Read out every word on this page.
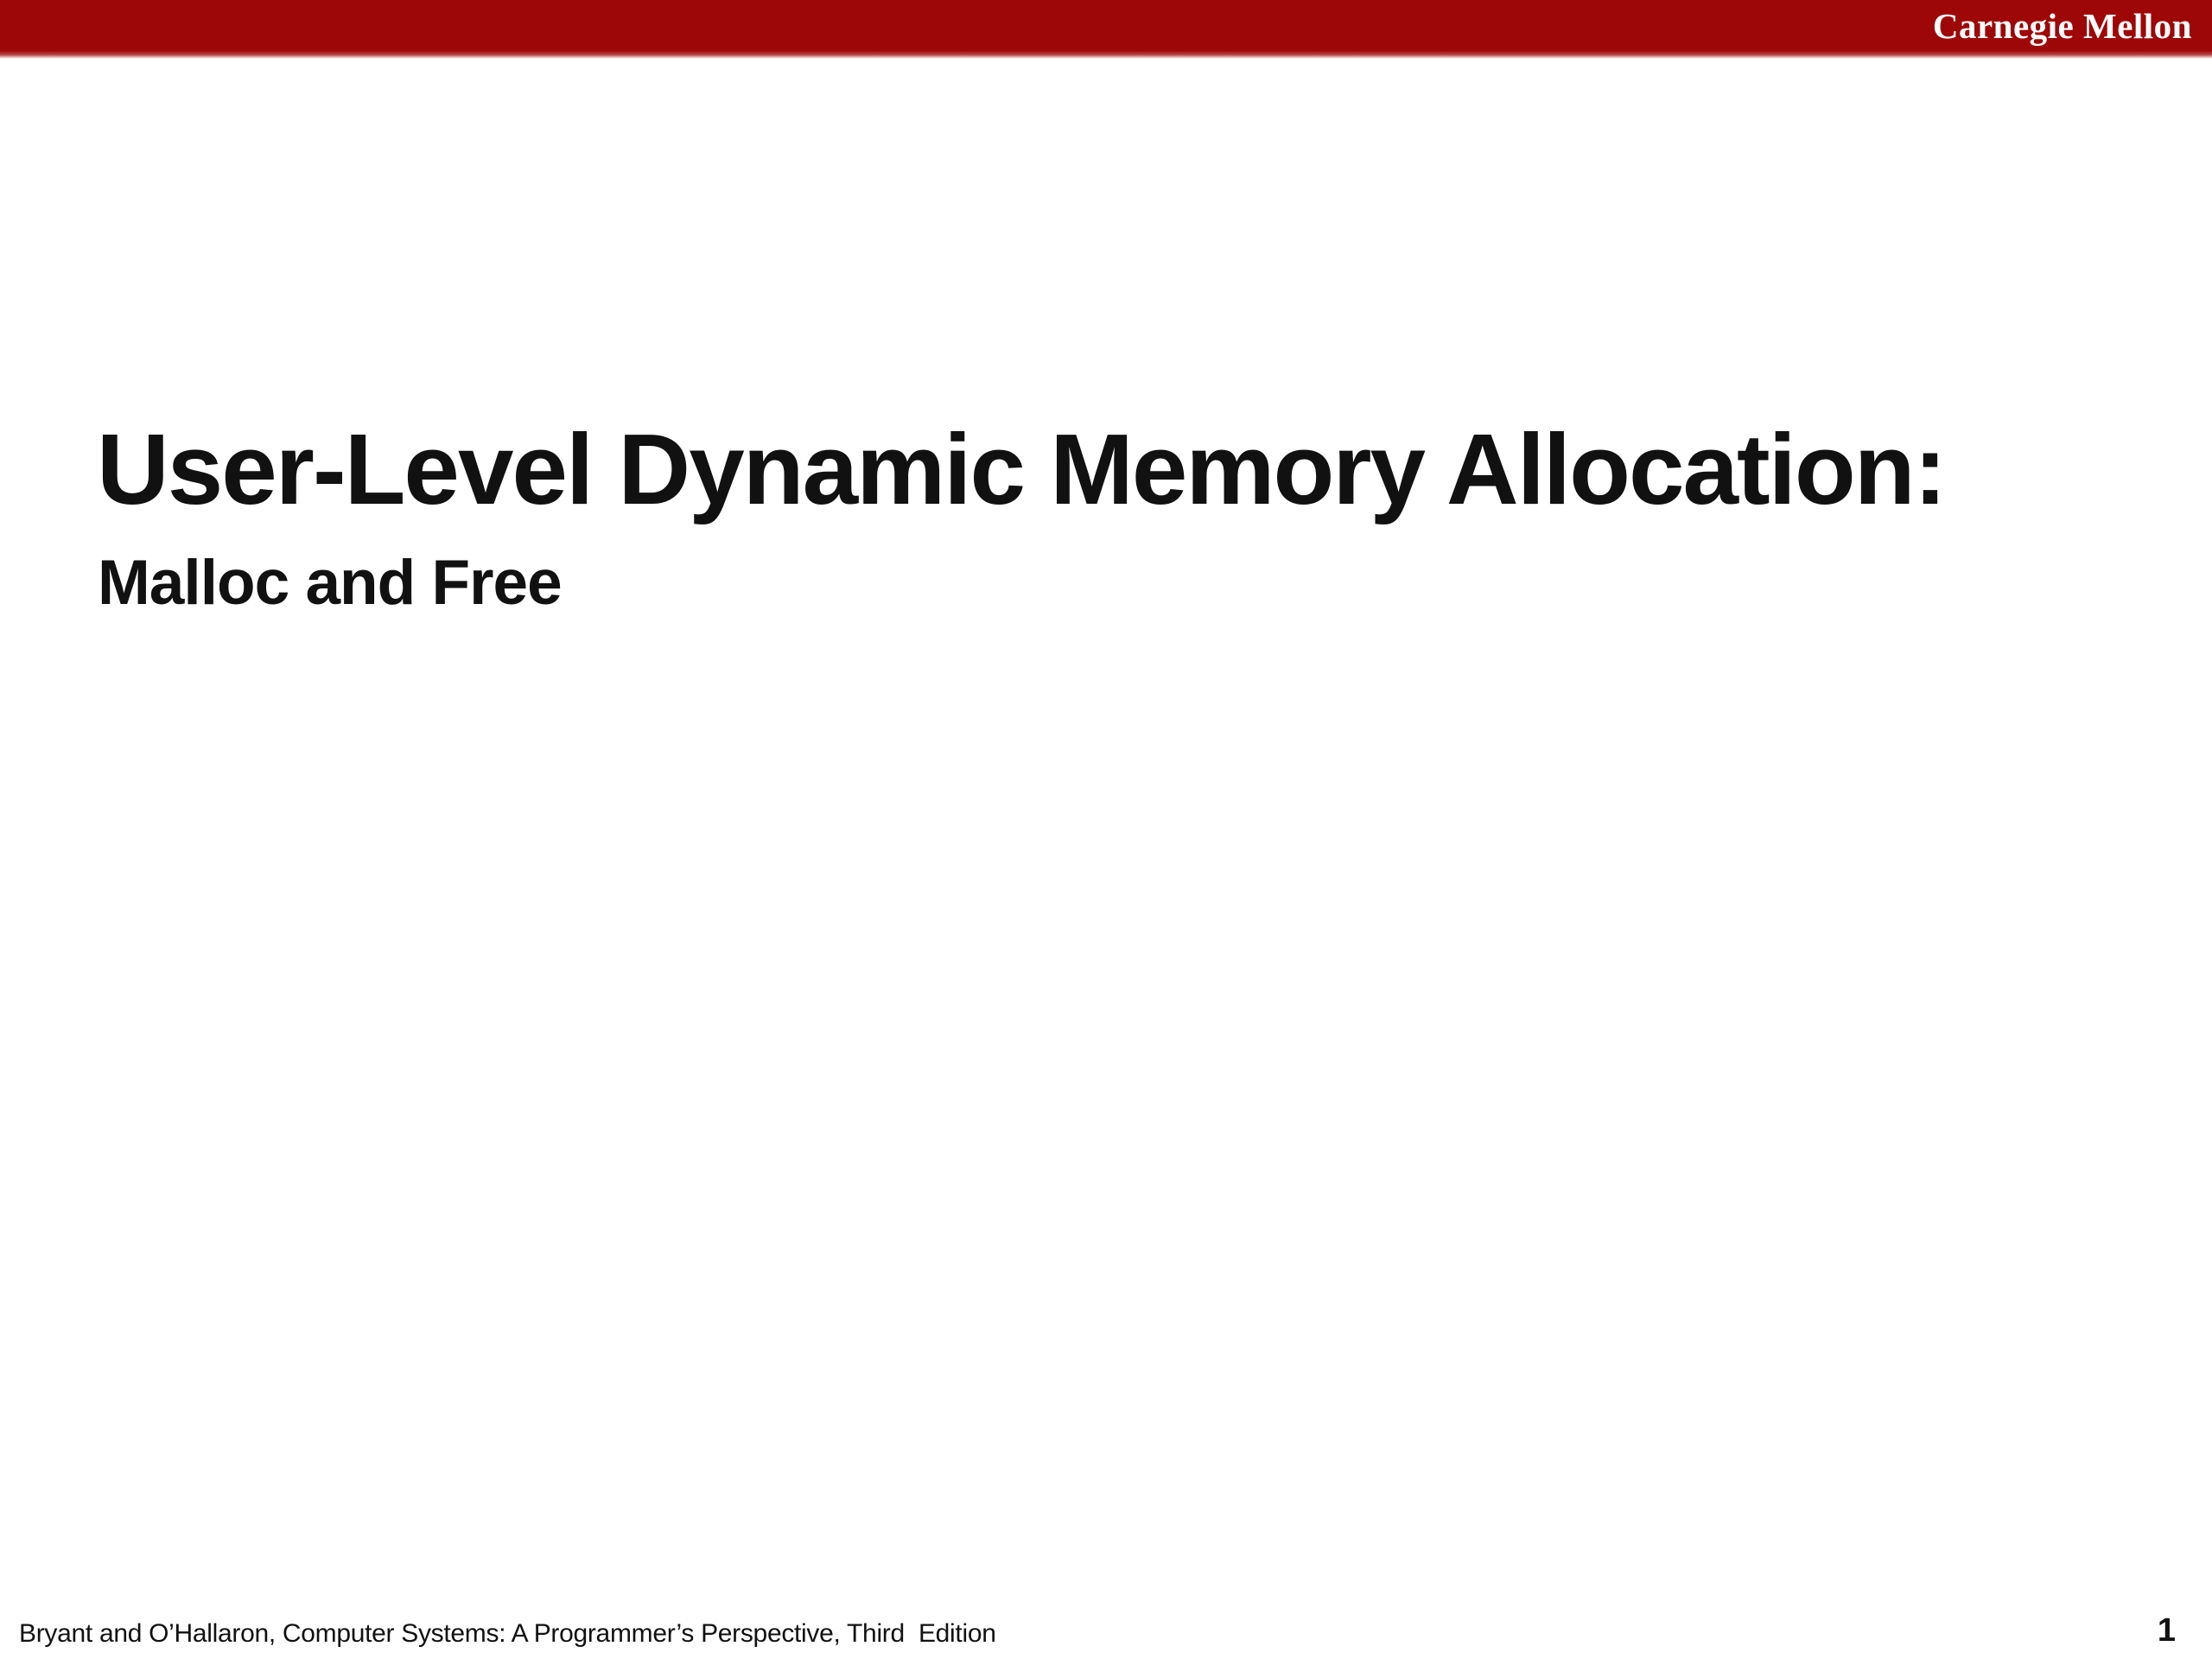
Carnegie Mellon
User-Level Dynamic Memory Allocation:
Malloc and Free
Bryant and O’Hallaron, Computer Systems: A Programmer’s Perspective, Third  Edition	1
